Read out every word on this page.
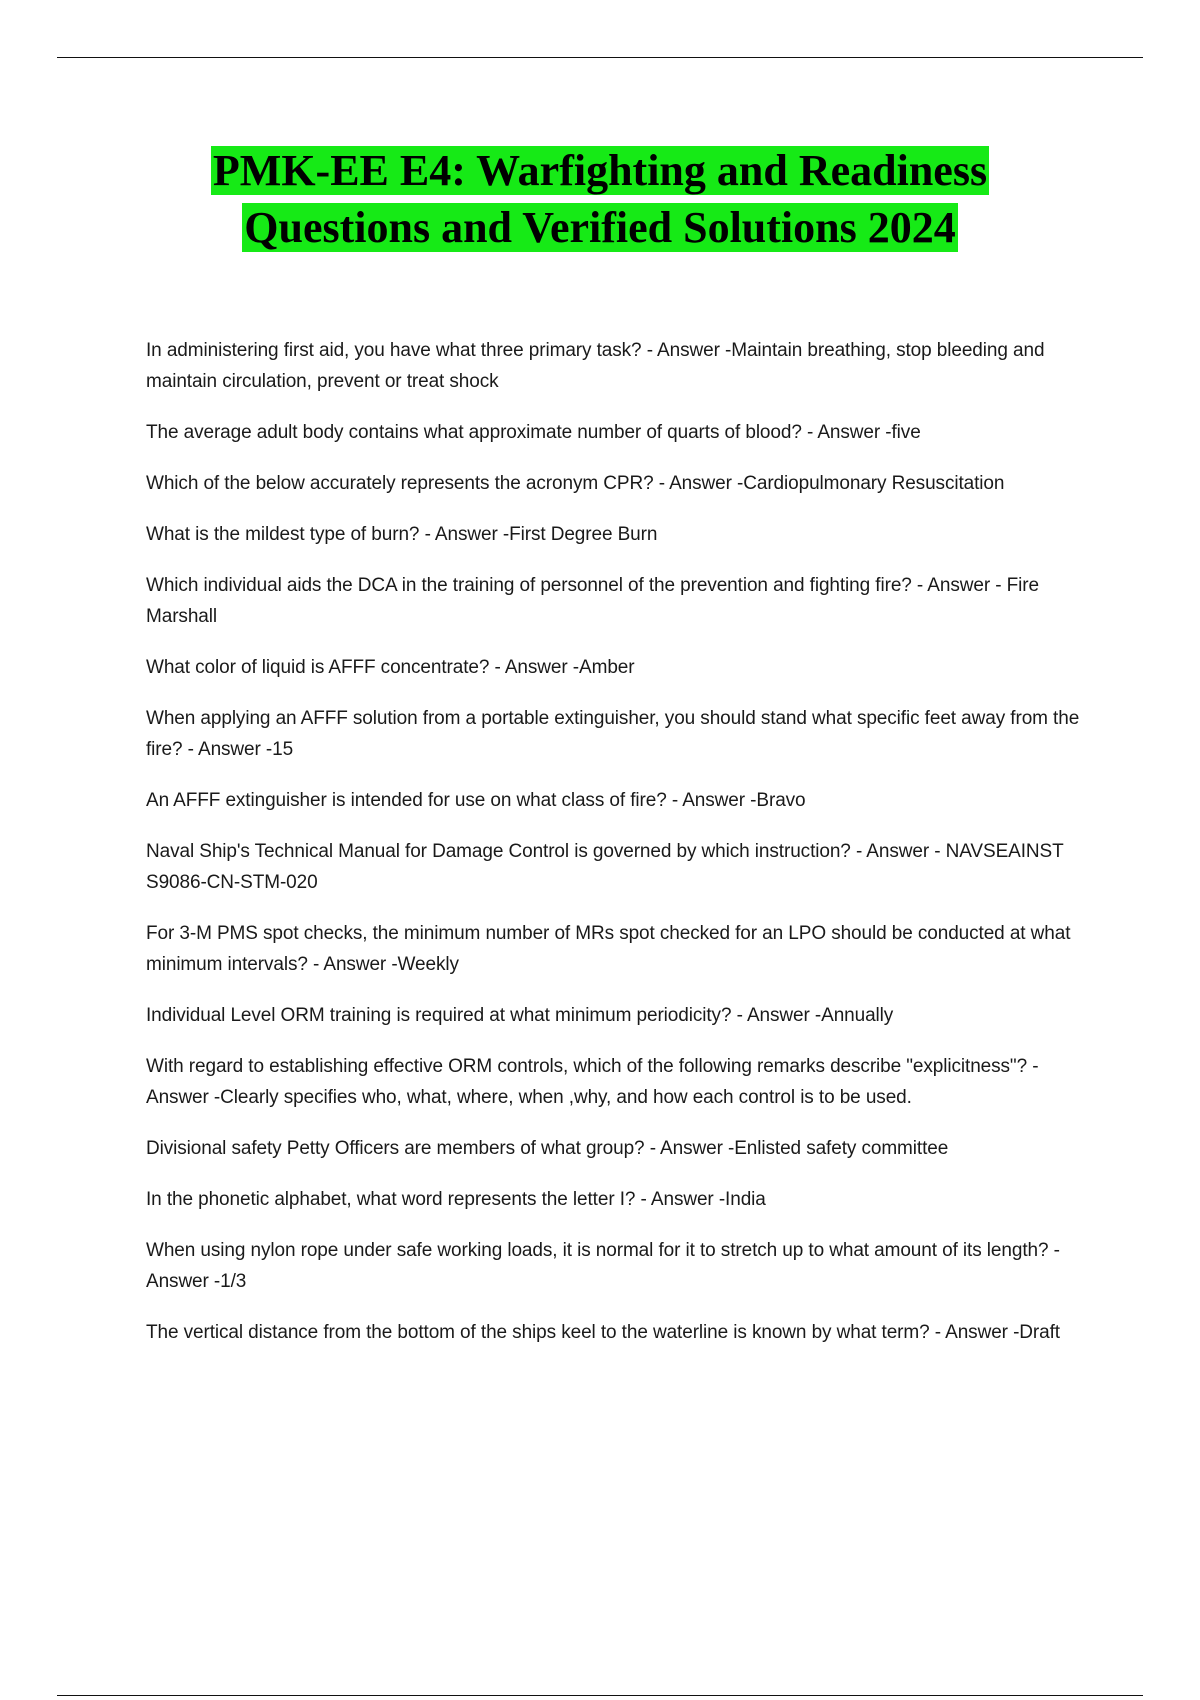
PMK-EE E4: Warfighting and Readiness
Questions and Verified Solutions 2024
In administering first aid, you have what three primary task? - Answer -Maintain breathing, stop bleeding and maintain circulation, prevent or treat shock
The average adult body contains what approximate number of quarts of blood? - Answer -five
Which of the below accurately represents the acronym CPR? - Answer -Cardiopulmonary Resuscitation
What is the mildest type of burn? - Answer -First Degree Burn
Which individual aids the DCA in the training of personnel of the prevention and fighting fire? - Answer - Fire Marshall
What color of liquid is AFFF concentrate? - Answer -Amber
When applying an AFFF solution from a portable extinguisher, you should stand what specific feet away from the fire? - Answer -15
An AFFF extinguisher is intended for use on what class of fire? - Answer -Bravo
Naval Ship's Technical Manual for Damage Control is governed by which instruction? - Answer - NAVSEAINST S9086-CN-STM-020
For 3-M PMS spot checks, the minimum number of MRs spot checked for an LPO should be conducted at what minimum intervals? - Answer -Weekly
Individual Level ORM training is required at what minimum periodicity? - Answer -Annually
With regard to establishing effective ORM controls, which of the following remarks describe "explicitness"? - Answer -Clearly specifies who, what, where, when ,why, and how each control is to be used.
Divisional safety Petty Officers are members of what group? - Answer -Enlisted safety committee
In the phonetic alphabet, what word represents the letter I? - Answer -India
When using nylon rope under safe working loads, it is normal for it to stretch up to what amount of its length? - Answer -1/3
The vertical distance from the bottom of the ships keel to the waterline is known by what term? - Answer -Draft
